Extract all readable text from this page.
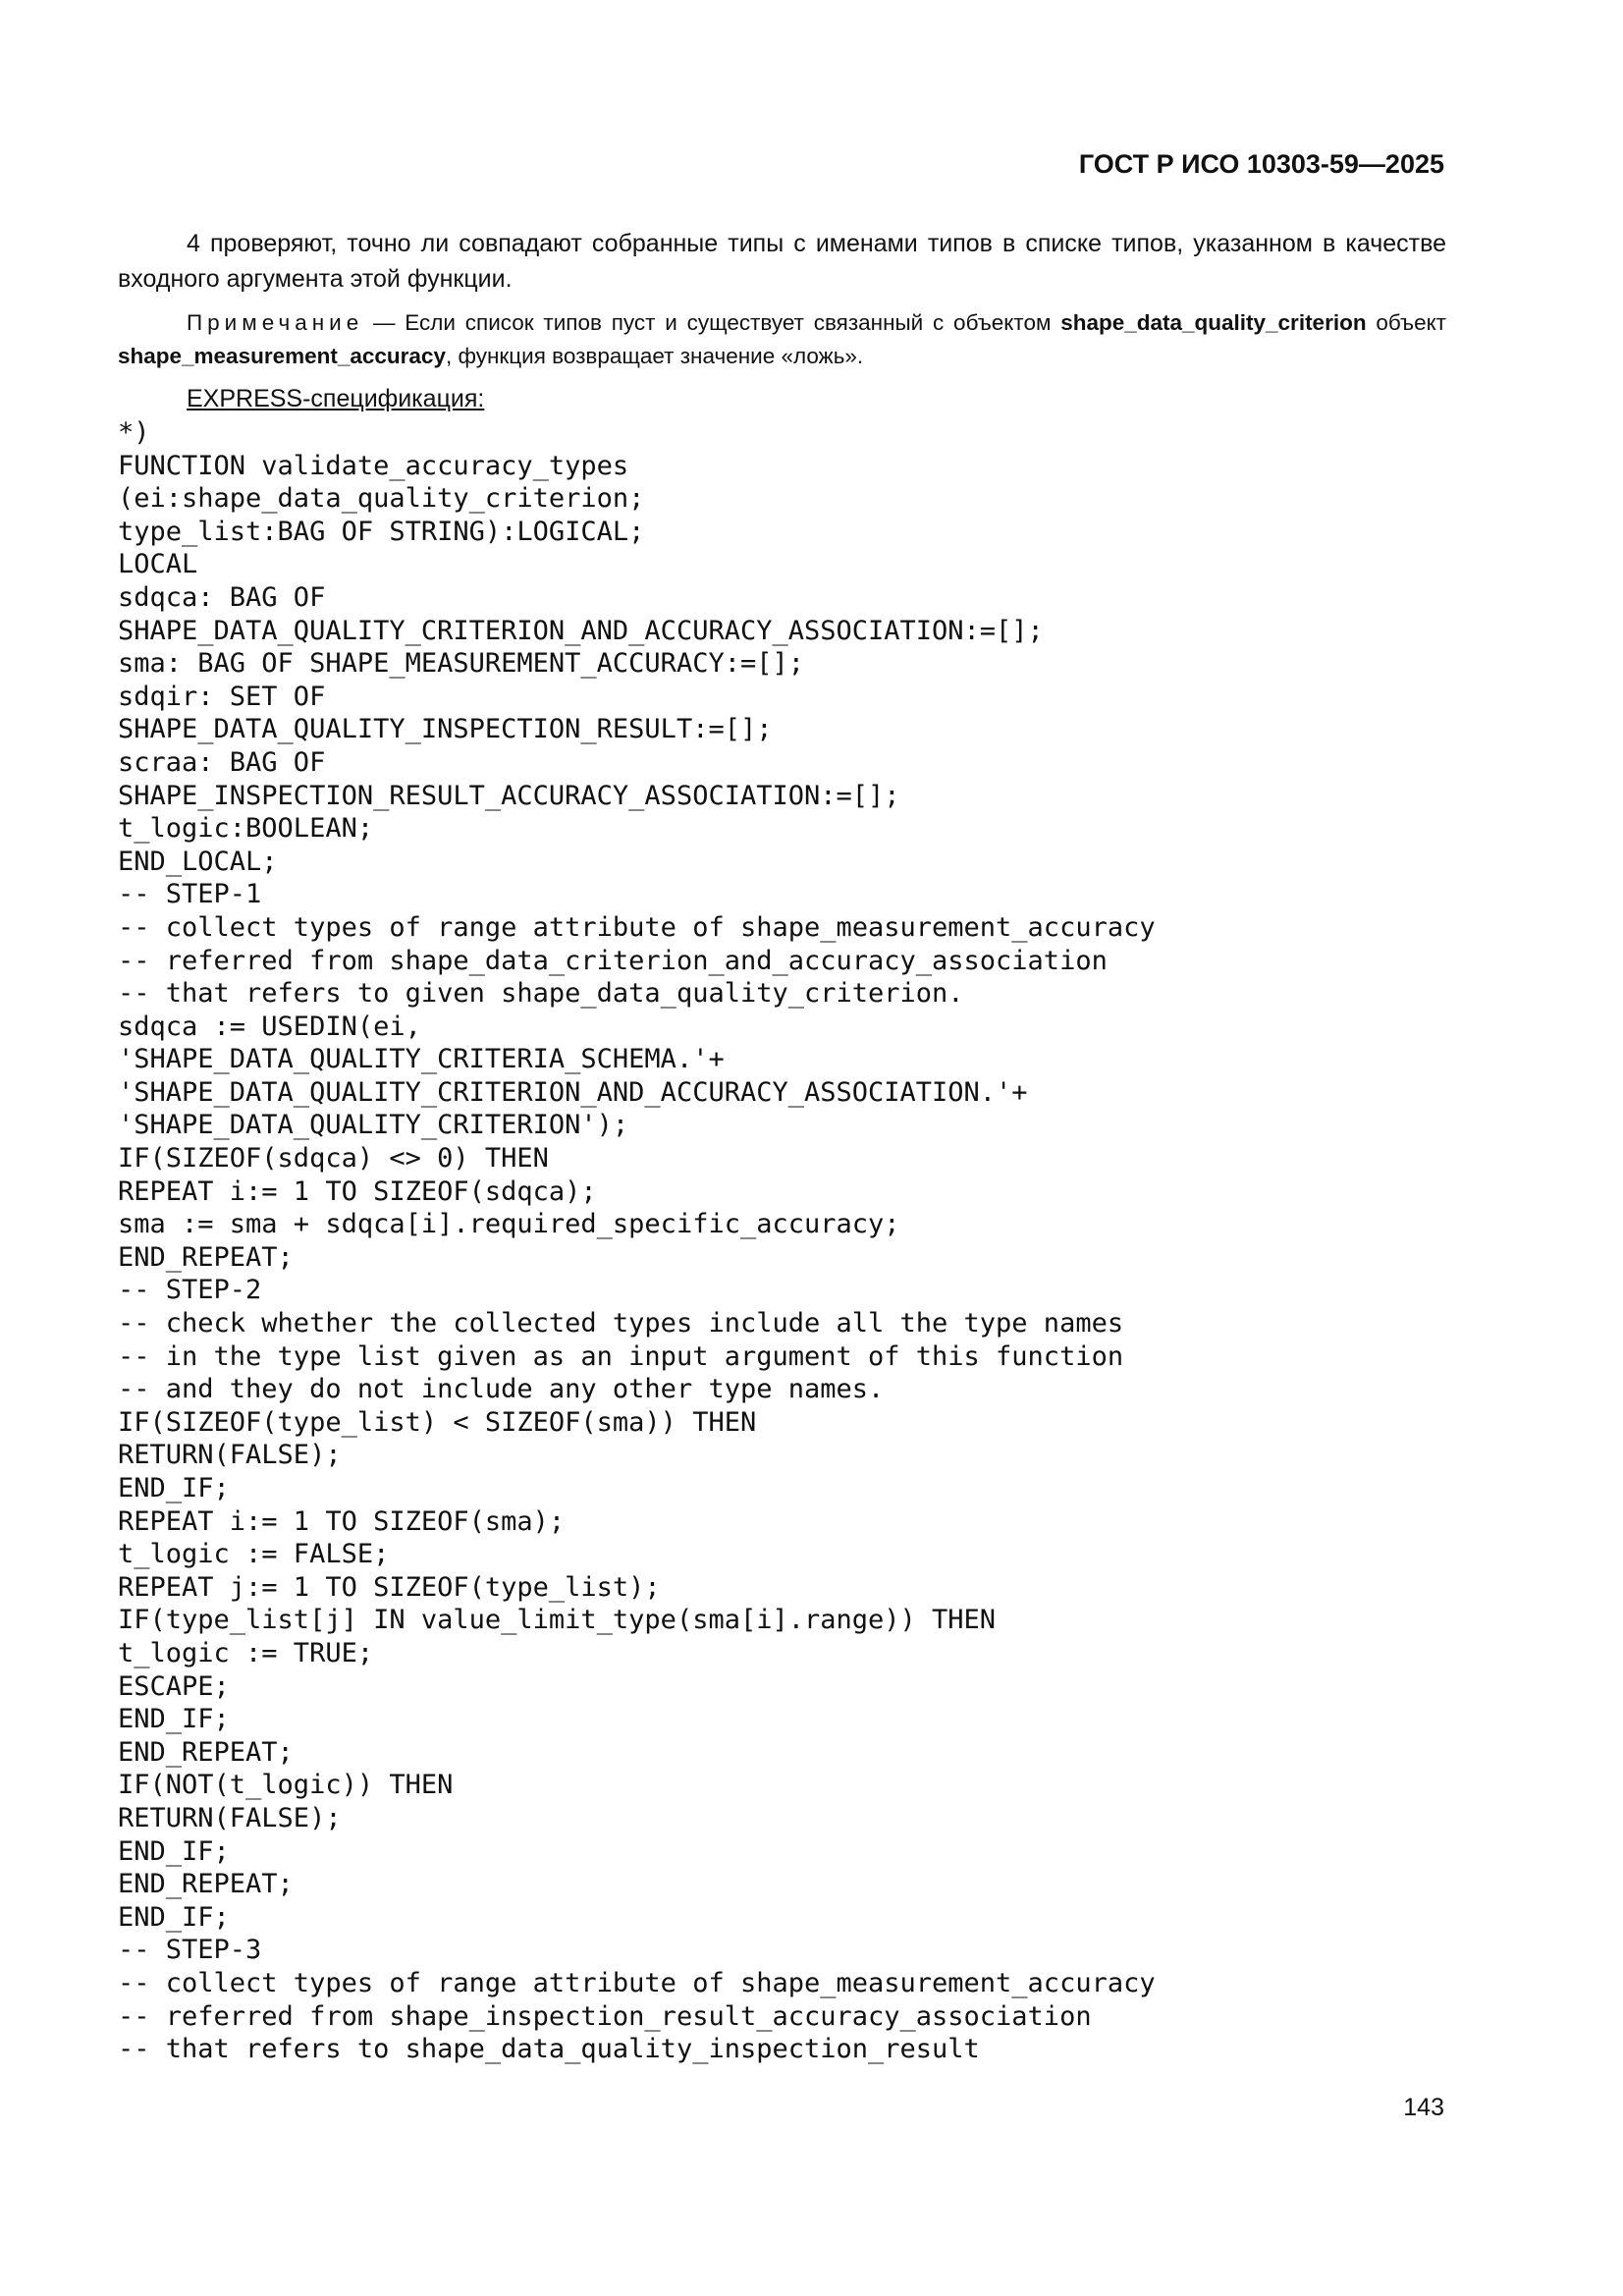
ГОСТ Р ИСО 10303-59—2025

4 проверяют, точно ли совпадают собранные типы с именами типов в списке типов, указанном в качестве входного аргумента этой функции.

Примечание — Если список типов пуст и существует связанный с объектом shape_data_quality_criterion объект shape_measurement_accuracy, функция возвращает значение «ложь».

EXPRESS-спецификация:
*)
FUNCTION validate_accuracy_types
(ei:shape_data_quality_criterion;
type_list:BAG OF STRING):LOGICAL;
LOCAL
sdqca: BAG OF
SHAPE_DATA_QUALITY_CRITERION_AND_ACCURACY_ASSOCIATION:=[];
sma: BAG OF SHAPE_MEASUREMENT_ACCURACY:=[];
sdqir: SET OF
SHAPE_DATA_QUALITY_INSPECTION_RESULT:=[];
scraa: BAG OF
SHAPE_INSPECTION_RESULT_ACCURACY_ASSOCIATION:=[];
t_logic:BOOLEAN;
END_LOCAL;
-- STEP-1
-- collect types of range attribute of shape_measurement_accuracy
-- referred from shape_data_criterion_and_accuracy_association
-- that refers to given shape_data_quality_criterion.
sdqca := USEDIN(ei,
'SHAPE_DATA_QUALITY_CRITERIA_SCHEMA.'+
'SHAPE_DATA_QUALITY_CRITERION_AND_ACCURACY_ASSOCIATION.'+
'SHAPE_DATA_QUALITY_CRITERION');
IF(SIZEOF(sdqca) <> 0) THEN
REPEAT i:= 1 TO SIZEOF(sdqca);
sma := sma + sdqca[i].required_specific_accuracy;
END_REPEAT;
-- STEP-2
-- check whether the collected types include all the type names
-- in the type list given as an input argument of this function
-- and they do not include any other type names.
IF(SIZEOF(type_list) < SIZEOF(sma)) THEN
RETURN(FALSE);
END_IF;
REPEAT i:= 1 TO SIZEOF(sma);
t_logic := FALSE;
REPEAT j:= 1 TO SIZEOF(type_list);
IF(type_list[j] IN value_limit_type(sma[i].range)) THEN
t_logic := TRUE;
ESCAPE;
END_IF;
END_REPEAT;
IF(NOT(t_logic)) THEN
RETURN(FALSE);
END_IF;
END_REPEAT;
END_IF;
-- STEP-3
-- collect types of range attribute of shape_measurement_accuracy
-- referred from shape_inspection_result_accuracy_association
-- that refers to shape_data_quality_inspection_result
143
